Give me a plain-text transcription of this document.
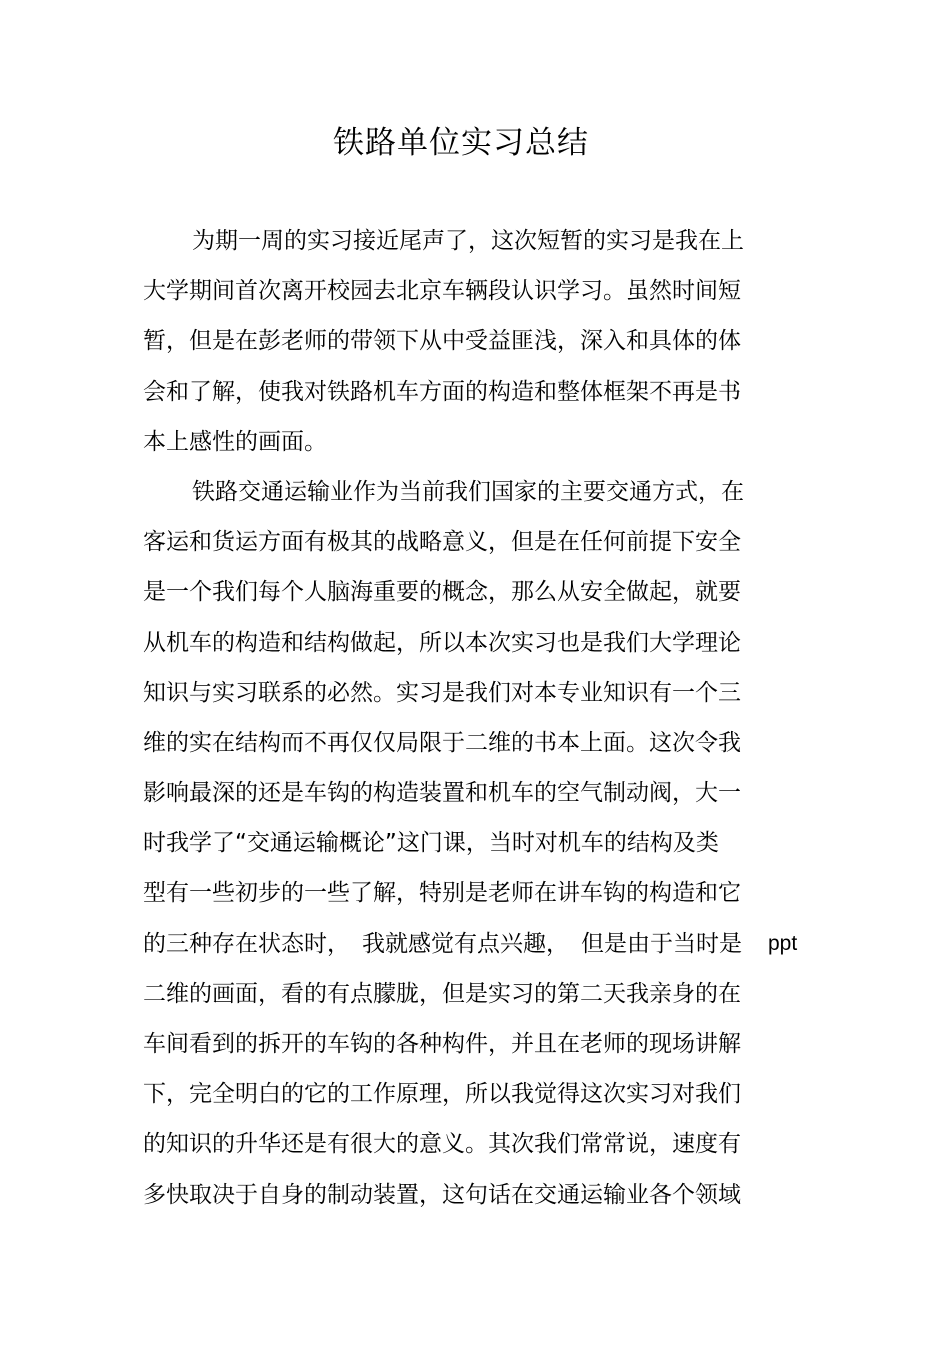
铁路单位实习总结
为期一周的实习接近尾声了，这次短暂的实习是我在上
大学期间首次离开校园去北京车辆段认识学习。虽然时间短
暂，但是在彭老师的带领下从中受益匪浅，深入和具体的体
会和了解，使我对铁路机车方面的构造和整体框架不再是书
本上感性的画面。
铁路交通运输业作为当前我们国家的主要交通方式，在
客运和货运方面有极其的战略意义，但是在任何前提下安全
是一个我们每个人脑海重要的概念，那么从安全做起，就要
从机车的构造和结构做起，所以本次实习也是我们大学理论
知识与实习联系的必然。实习是我们对本专业知识有一个三
维的实在结构而不再仅仅局限于二维的书本上面。这次令我
影响最深的还是车钩的构造装置和机车的空气制动阀，大一
时我学了“交通运输概论”这门课，当时对机车的结构及类
型有一些初步的一些了解，特别是老师在讲车钩的构造和它
的三种存在状态时， 我就感觉有点兴趣， 但是由于当时是 ppt
二维的画面，看的有点朦胧，但是实习的第二天我亲身的在
车间看到的拆开的车钩的各种构件，并且在老师的现场讲解
下，完全明白的它的工作原理，所以我觉得这次实习对我们
的知识的升华还是有很大的意义。其次我们常常说，速度有
多快取决于自身的制动装置，这句话在交通运输业各个领域
